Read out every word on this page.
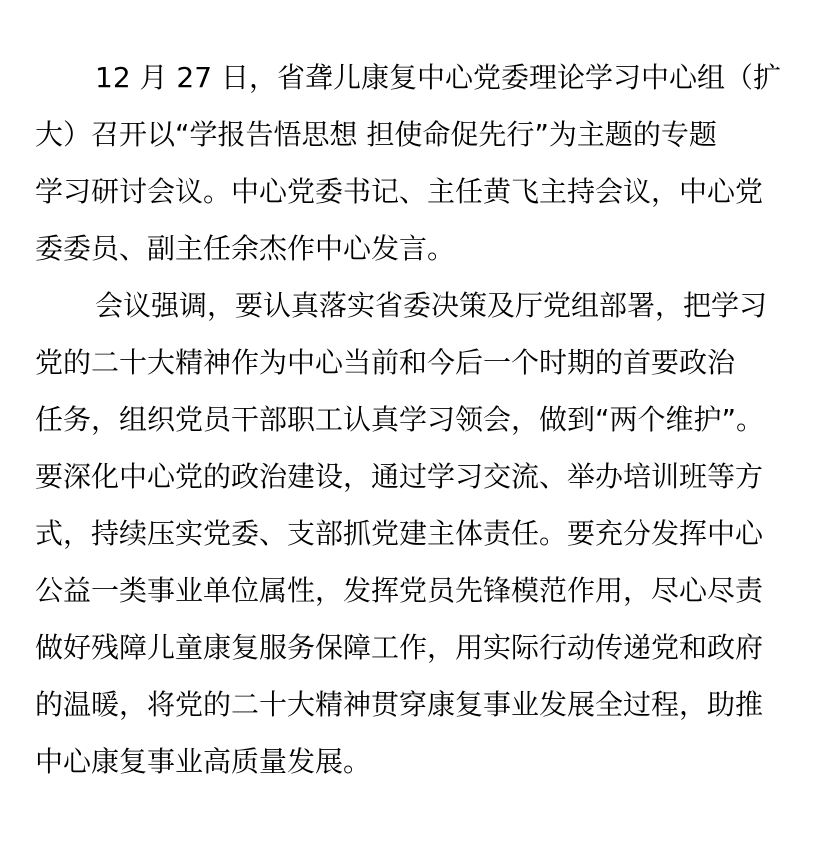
12 月 27 日，省聋儿康复中心党委理论学习中心组（扩
大）召开以“学报告悟思想 担使命促先行”为主题的专题
学习研讨会议。中心党委书记、主任黄飞主持会议，中心党
委委员、副主任余杰作中心发言。
会议强调，要认真落实省委决策及厅党组部署，把学习
党的二十大精神作为中心当前和今后一个时期的首要政治
任务，组织党员干部职工认真学习领会，做到“两个维护”。
要深化中心党的政治建设，通过学习交流、举办培训班等方
式，持续压实党委、支部抓党建主体责任。要充分发挥中心
公益一类事业单位属性，发挥党员先锋模范作用，尽心尽责
做好残障儿童康复服务保障工作，用实际行动传递党和政府
的温暖，将党的二十大精神贯穿康复事业发展全过程，助推
中心康复事业高质量发展。
